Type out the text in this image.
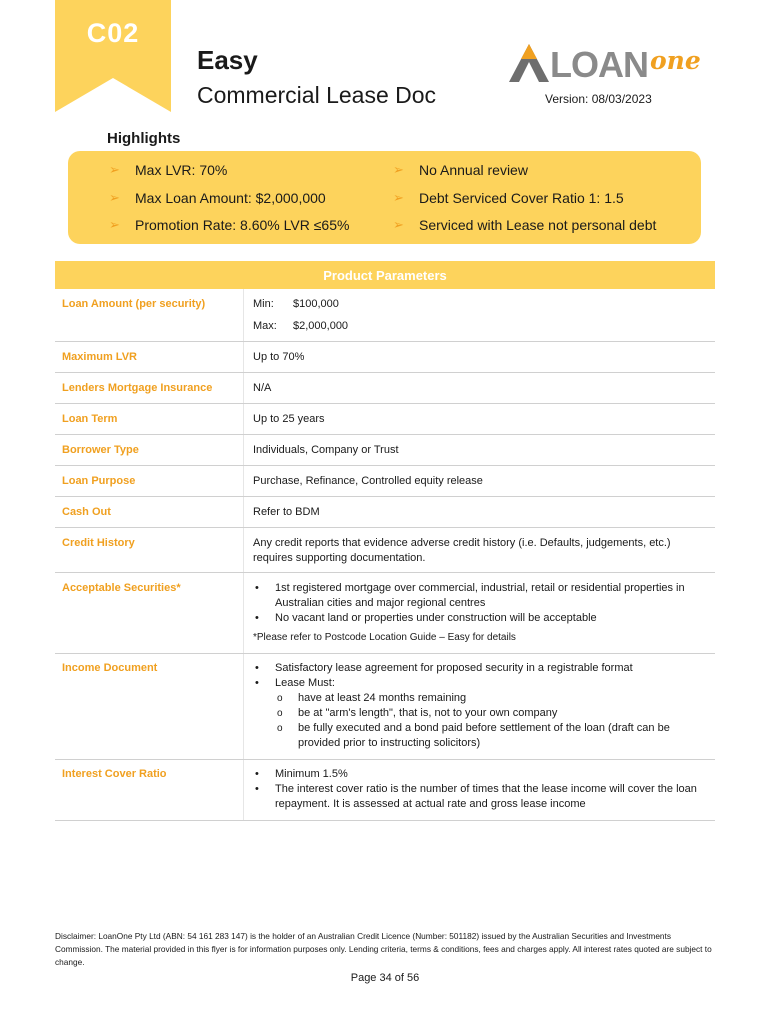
C02
Easy
Commercial Lease Doc
LOAN one
Version: 08/03/2023
Highlights
➢ Max LVR: 70%
➢ Max Loan Amount: $2,000,000
➢ Promotion Rate: 8.60% LVR ≤65%
➢ No Annual review
➢ Debt Serviced Cover Ratio 1: 1.5
➢ Serviced with Lease not personal debt
Product Parameters
Loan Amount (per security)	Min: $100,000
Max: $2,000,000
Maximum LVR	Up to 70%
Lenders Mortgage Insurance	N/A
Loan Term	Up to 25 years
Borrower Type	Individuals, Company or Trust
Loan Purpose	Purchase, Refinance, Controlled equity release
Cash Out	Refer to BDM
Credit History	Any credit reports that evidence adverse credit history (i.e. Defaults, judgements, etc.) requires supporting documentation.
Acceptable Securities*	• 1st registered mortgage over commercial, industrial, retail or residential properties in Australian cities and major regional centres
• No vacant land or properties under construction will be acceptable
*Please refer to Postcode Location Guide – Easy for details
Income Document	• Satisfactory lease agreement for proposed security in a registrable format
• Lease Must:
o have at least 24 months remaining
o be at "arm's length", that is, not to your own company
o be fully executed and a bond paid before settlement of the loan (draft can be provided prior to instructing solicitors)
Interest Cover Ratio	• Minimum 1.5%
• The interest cover ratio is the number of times that the lease income will cover the loan repayment. It is assessed at actual rate and gross lease income
Disclaimer: LoanOne Pty Ltd (ABN: 54 161 283 147) is the holder of an Australian Credit Licence (Number: 501182) issued by the Australian Securities and Investments Commission. The material provided in this flyer is for information purposes only. Lending criteria, terms & conditions, fees and charges apply. All interest rates quoted are subject to change.
Page 34 of 56
